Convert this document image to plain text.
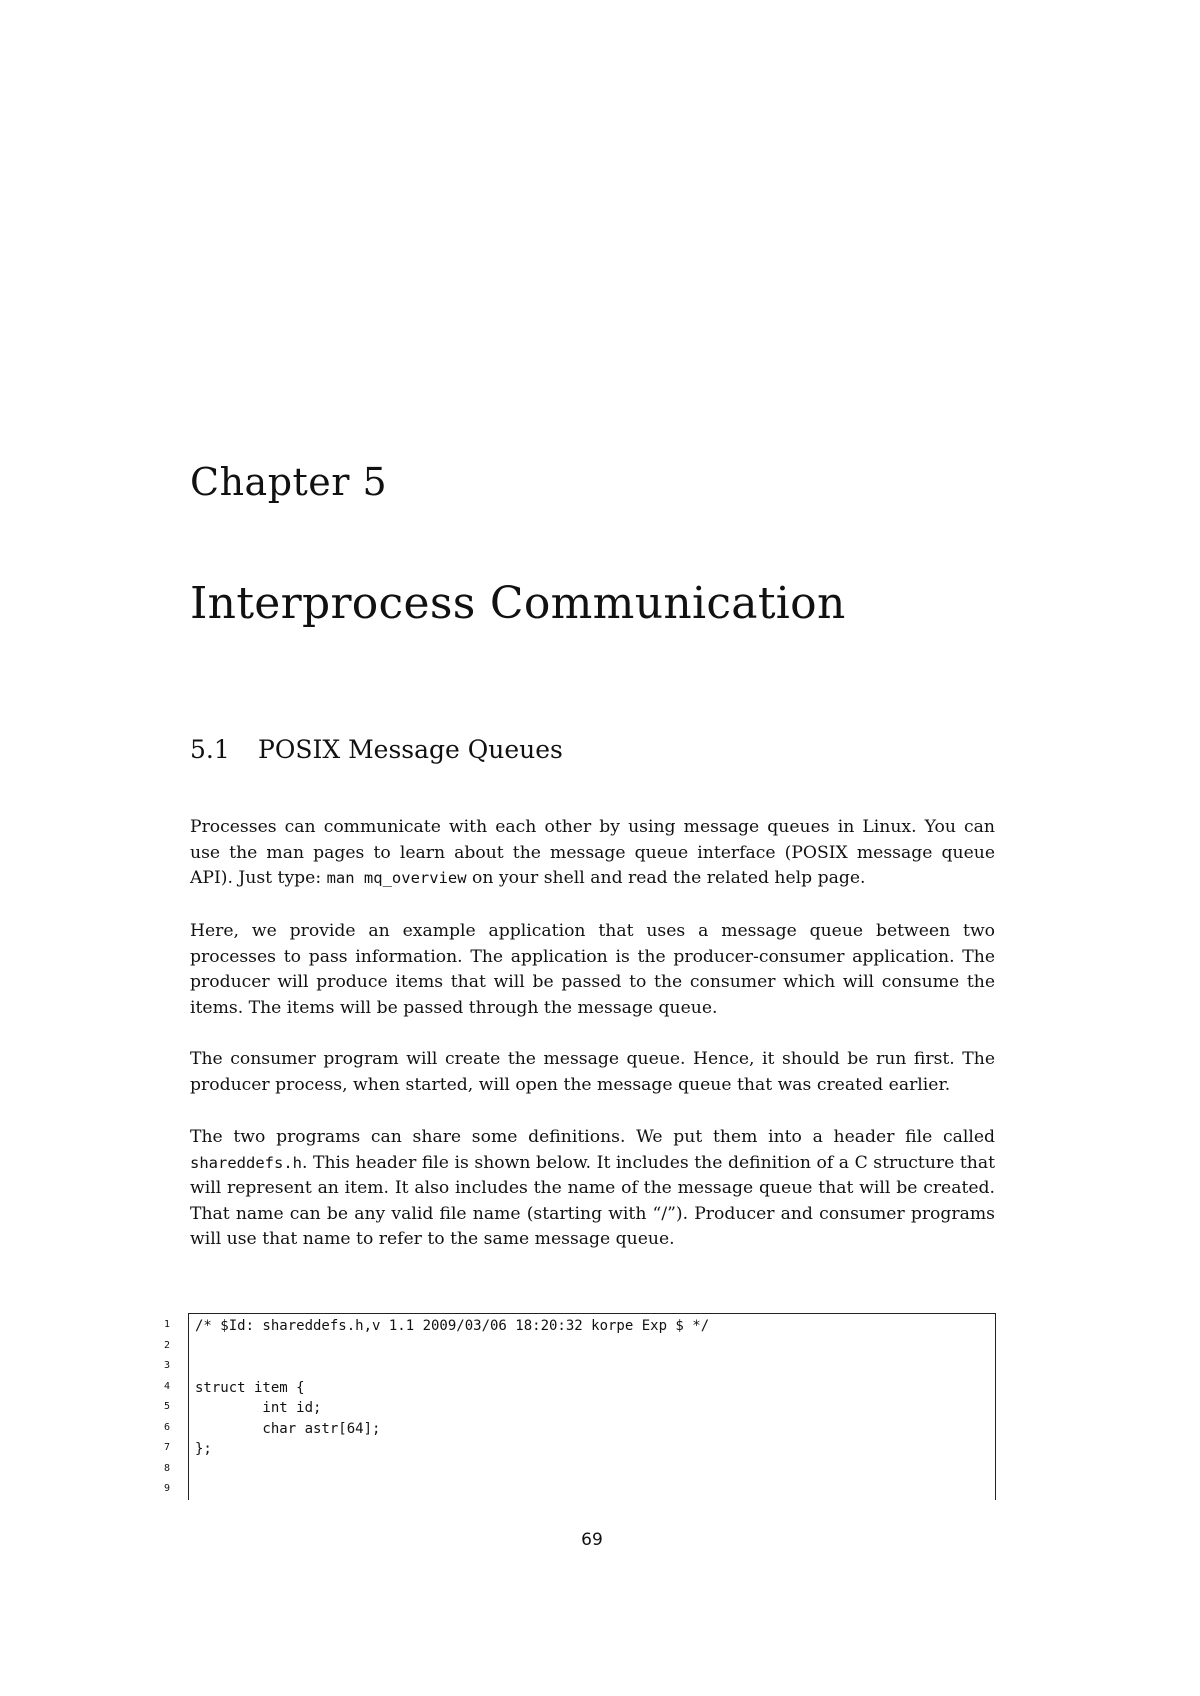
Chapter 5
Interprocess Communication
5.1 POSIX Message Queues

Processes can communicate with each other by using message queues in Linux. You can use the man pages to learn about the message queue interface (POSIX message queue API). Just type: man mq_overview on your shell and read the related help page.

Here, we provide an example application that uses a message queue between two processes to pass information. The application is the producer-consumer application. The producer will produce items that will be passed to the consumer which will consume the items. The items will be passed through the message queue.

The consumer program will create the message queue. Hence, it should be run first. The producer process, when started, will open the message queue that was created earlier.

The two programs can share some definitions. We put them into a header file called shareddefs.h. This header file is shown below. It includes the definition of a C structure that will represent an item. It also includes the name of the message queue that will be created. That name can be any valid file name (starting with “/”). Producer and consumer programs will use that name to refer to the same message queue.

1
2
3
4
5
6
7
8
9
/* $Id: shareddefs.h,v 1.1 2009/03/06 18:20:32 korpe Exp $ */
struct item {
int id;
char astr[64];
};
69
